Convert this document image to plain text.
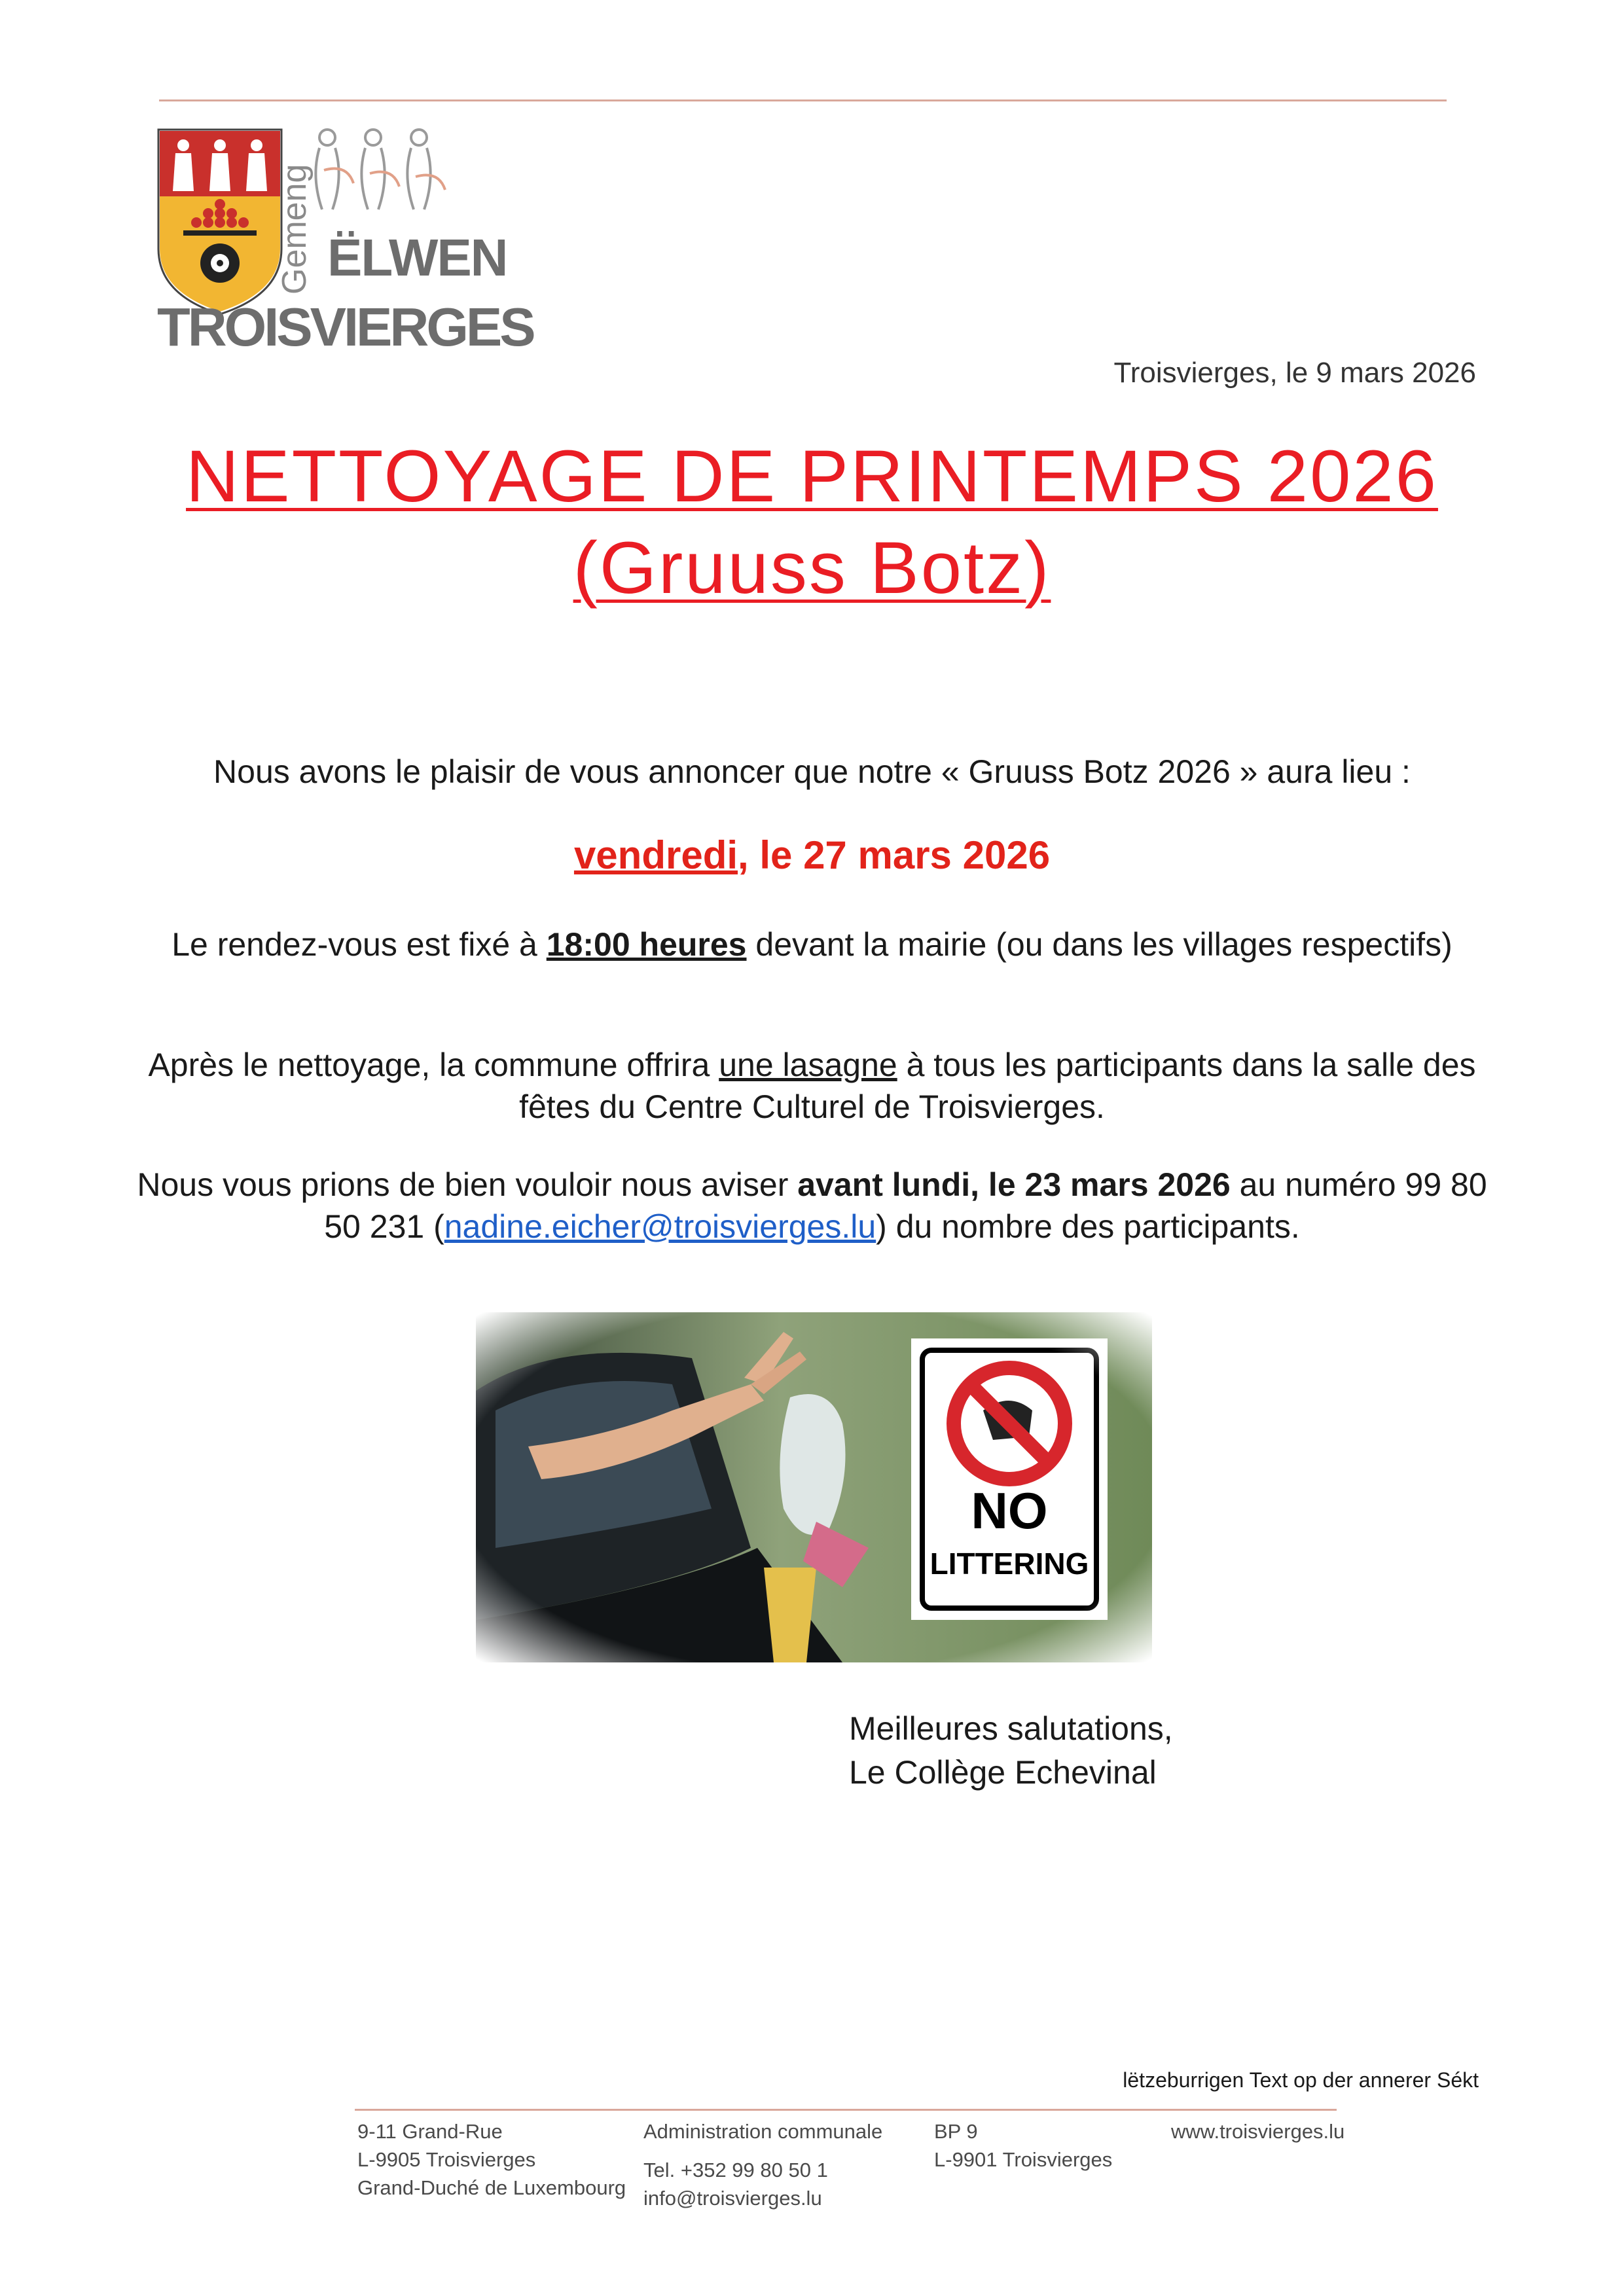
Gemeng ËLWEN
TROISVIERGES
Troisvierges, le 9 mars 2026
NETTOYAGE DE PRINTEMPS 2026
(Gruuss Botz)
Nous avons le plaisir de vous annoncer que notre « Gruuss Botz 2026 » aura lieu :
vendredi, le 27 mars 2026
Le rendez-vous est fixé à 18:00 heures devant la mairie (ou dans les villages respectifs)
Après le nettoyage, la commune offrira une lasagne à tous les participants dans la salle des fêtes du Centre Culturel de Troisvierges.
Nous vous prions de bien vouloir nous aviser avant lundi, le 23 mars 2026 au numéro 99 80 50 231 (nadine.eicher@troisvierges.lu) du nombre des participants.
Meilleures salutations,
Le Collège Echevinal
lëtzeburrigen Text op der annerer Sékt
9-11 Grand-Rue
L-9905 Troisvierges
Grand-Duché de Luxembourg
Administration communale
Tel. +352 99 80 50 1
info@troisvierges.lu
BP 9
L-9901 Troisvierges
www.troisvierges.lu
